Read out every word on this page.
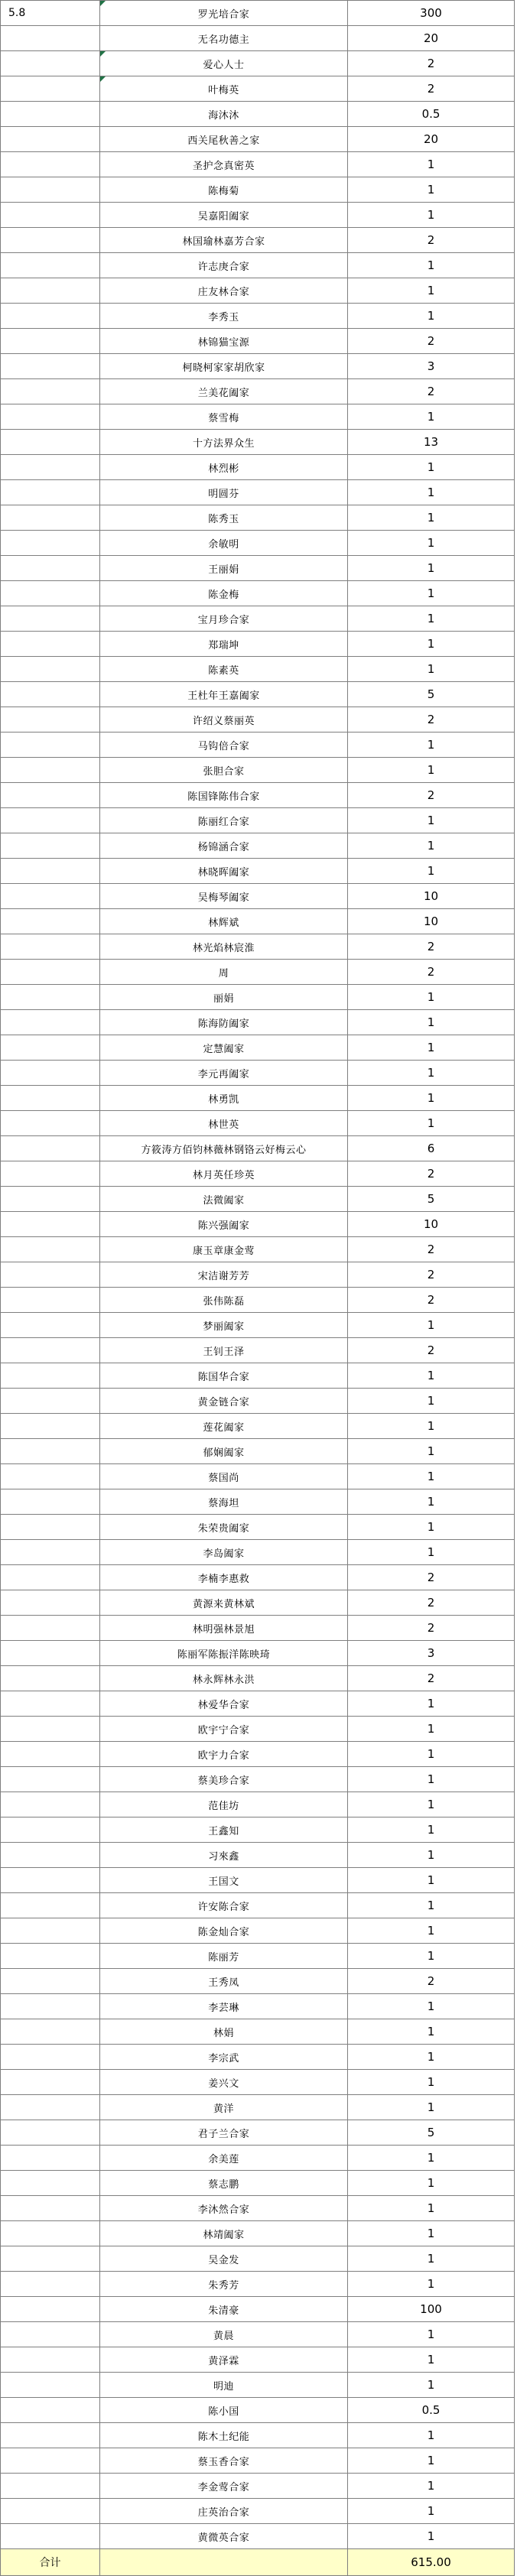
5.8	罗光培合家	300
	无名功德主	20
	爱心人士	2
	叶梅英	2
	海沐沐	0.5
	西关尾秋善之家	20
	圣护念真密英	1
	陈梅菊	1
	吴嘉阳阖家	1
	林国瑜林嘉芳合家	2
	许志庚合家	1
	庄友林合家	1
	李秀玉	1
	林锦猫宝源	2
	柯晓柯家家胡欣家	3
	兰美花阖家	2
	蔡雪梅	1
	十方法界众生	13
	林烈彬	1
	明圆芬	1
	陈秀玉	1
	余敏明	1
	王丽娟	1
	陈金梅	1
	宝月珍合家	1
	郑瑞坤	1
	陈素英	1
	王杜年王嘉阖家	5
	许绍义蔡丽英	2
	马钩倍合家	1
	张胆合家	1
	陈国锋陈伟合家	2
	陈丽红合家	1
	杨锦涵合家	1
	林晓晖阖家	1
	吴梅琴阖家	10
	林辉斌	10
	林光焰林宸淮	2
	周	2
	丽娟	1
	陈海防阖家	1
	定慧阖家	1
	李元再阖家	1
	林勇凯	1
	林世英	1
	方筱涛方佰钧林薇林钢铬云好梅云心	6
	林月英任珍英	2
	法微阖家	5
	陈兴强阖家	10
	康玉章康金莺	2
	宋洁谢芳芳	2
	张伟陈磊	2
	梦丽阖家	1
	王钊王泽	2
	陈国华合家	1
	黄金链合家	1
	莲花阖家	1
	郁娴阖家	1
	蔡国尚	1
	蔡海坦	1
	朱荣贵阖家	1
	李岛阖家	1
	李楠李惠救	2
	黄源来黄林斌	2
	林明强林景旭	2
	陈丽军陈振洋陈映琦	3
	林永辉林永洪	2
	林爱华合家	1
	欧宇宁合家	1
	欧宇力合家	1
	蔡美珍合家	1
	范佳坊	1
	王鑫知	1
	习來鑫	1
	王国文	1
	许安陈合家	1
	陈金灿合家	1
	陈丽芳	1
	王秀凤	2
	李芸琳	1
	林娟	1
	李宗武	1
	姜兴文	1
	黄洋	1
	君子兰合家	5
	余美莲	1
	蔡志鹏	1
	李沐然合家	1
	林靖阖家	1
	吴金发	1
	朱秀芳	1
	朱清豪	100
	黄晨	1
	黄泽霖	1
	明迪	1
	陈小国	0.5
	陈木土纪能	1
	蔡玉香合家	1
	李金莺合家	1
	庄英治合家	1
	黄微英合家	1
合计		615.00
